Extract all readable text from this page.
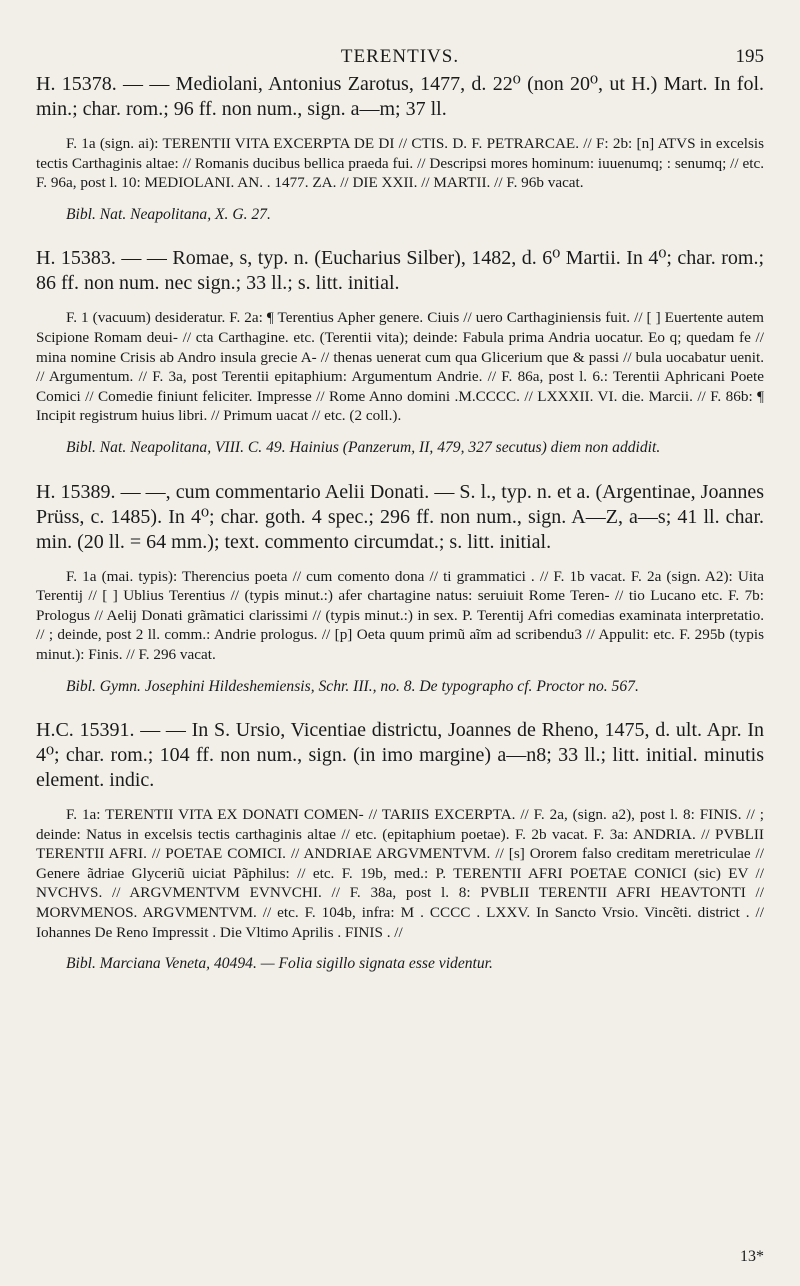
TERENTIVS.	195

H. 15378. — — Mediolani, Antonius Zarotus, 1477, d. 22⁰ (non 20⁰, ut H.) Mart. In fol. min.; char. rom.; 96 ff. non num., sign. a—m; 37 ll.

F. 1a (sign. ai): TERENTII VITA EXCERPTA DE DI // CTIS. D. F. PETRARCAE. // F: 2b: [n] ATVS in excelsis tectis Carthaginis altae: // Romanis ducibus bellica praeda fui. // Descripsi mores hominum: iuuenumq; : senumq; // etc. F. 96a, post l. 10: MEDIOLANI. AN. . 1477. ZA. // DIE XXII. // MARTII. // F. 96b vacat.

Bibl. Nat. Neapolitana, X. G. 27.

H. 15383. — — Romae, s, typ. n. (Eucharius Silber), 1482, d. 6⁰ Martii. In 4⁰; char. rom.; 86 ff. non num. nec sign.; 33 ll.; s. litt. initial.

F. 1 (vacuum) desideratur. F. 2a: ¶ Terentius Apher genere. Ciuis // uero Carthaginiensis fuit. // [ ] Euertente autem Scipione Romam deui- // cta Carthagine. etc. (Terentii vita); deinde: Fabula prima Andria uocatur. Eo q; quedam fe // mina nomine Crisis ab Andro insula grecie A- // thenas uenerat cum qua Glicerium que & passi // bula uocabatur uenit. // Argumentum. // F. 3a, post Terentii epitaphium: Argumentum Andrie. // F. 86a, post l. 6.: Terentii Aphricani Poete Comici // Comedie finiunt feliciter. Impresse // Rome Anno domini .M.CCCC. // LXXXII. VI. die. Marcii. // F. 86b: ¶ Incipit registrum huius libri. // Primum uacat // etc. (2 coll.).

Bibl. Nat. Neapolitana, VIII. C. 49. Hainius (Panzerum, II, 479, 327 secutus) diem non addidit.

H. 15389. — —, cum commentario Aelii Donati. — S. l., typ. n. et a. (Argentinae, Joannes Prüss, c. 1485). In 4⁰; char. goth. 4 spec.; 296 ff. non num., sign. A—Z, a—s; 41 ll. char. min. (20 ll. = 64 mm.); text. commento circumdat.; s. litt. initial.

F. 1a (mai. typis): Therencius poeta // cum comento dona // ti grammatici . // F. 1b vacat. F. 2a (sign. A2): Uita Terentij // [ ] Ublius Terentius // (typis minut.:) afer chartagine natus: seruiuit Rome Teren- // tio Lucano etc. F. 7b: Prologus // Aelij Donati grãmatici clarissimi // (typis minut.:) in sex. P. Terentij Afri comedias examinata interpretatio. // ; deinde, post 2 ll. comm.: Andrie prologus. // [p] Oeta quum primũ aĩm ad scribendu3 // Appulit: etc. F. 295b (typis minut.): Finis. // F. 296 vacat.

Bibl. Gymn. Josephini Hildeshemiensis, Schr. III., no. 8. De typographo cf. Proctor no. 567.

H.C. 15391. — — In S. Ursio, Vicentiae districtu, Joannes de Rheno, 1475, d. ult. Apr. In 4⁰; char. rom.; 104 ff. non num., sign. (in imo margine) a—n8; 33 ll.; litt. initial. minutis element. indic.

F. 1a: TERENTII VITA EX DONATI COMEN- // TARIIS EXCERPTA. // F. 2a, (sign. a2), post l. 8: FINIS. // ; deinde: Natus in excelsis tectis carthaginis altae // etc. (epitaphium poetae). F. 2b vacat. F. 3a: ANDRIA. // PVBLII TERENTII AFRI. // POETAE COMICI. // ANDRIAE ARGVMENTVM. // [s] Ororem falso creditam meretriculae // Genere ãdriae Glyceriũ uiciat Pãphilus: // etc. F. 19b, med.: P. TERENTII AFRI POETAE CONICI (sic) EV // NVCHVS. // ARGVMENTVM EVNVCHI. // F. 38a, post l. 8: PVBLII TERENTII AFRI HEAVTONTI // MORVMENOS. ARGVMENTVM. // etc. F. 104b, infra: M . CCCC . LXXV. In Sancto Vrsio. Vincẽti. district . // Iohannes De Reno Impressit . Die Vltimo Aprilis . FINIS . //

Bibl. Marciana Veneta, 40494. — Folia sigillo signata esse videntur.

13*
